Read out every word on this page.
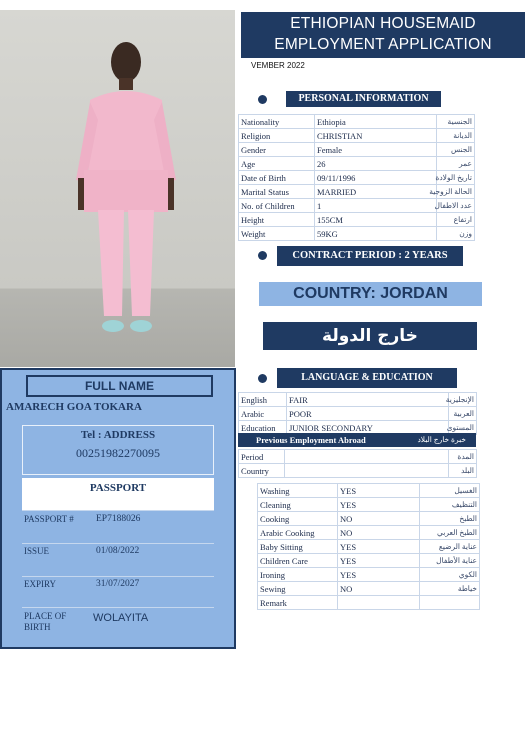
ETHIOPIAN HOUSEMAID
EMPLOYMENT APPLICATION
VEMBER 2022
PERSONAL INFORMATION
Nationality	Ethiopia	الجنسية
Religion	CHRISTIAN	الديانة
Gender	Female	الجنس
Age	26	عمر
Date of Birth	09/11/1996	تاريخ الولادة
Marital Status	MARRIED	الحالة الزوجية
No. of Children	1	عدد الاطفال
Height	155CM	ارتفاع
Weight	59KG	وزن
CONTRACT PERIOD : 2 YEARS
COUNTRY: JORDAN
خارج الدولة
LANGUAGE & EDUCATION
English	FAIR	الإنجليزية
Arabic	POOR	العربية
Education	JUNIOR SECONDARY	المستوى
Previous Employment Abroad	خبرة خارج البلاد
Period		المدة
Country		البلد
Washing	YES	الغسيل
Cleaning	YES	التنظيف
Cooking	NO	الطبخ
Arabic Cooking	NO	الطبخ العربي
Baby Sitting	YES	عناية الرضيع
Children Care	YES	عناية الأطفال
Ironing	YES	الكوي
Sewing	NO	خياطة
Remark		
FULL NAME
AMARECH GOA TOKARA
Tel : ADDRESS
00251982270095
PASSPORT
PASSPORT # EP7188026
ISSUE	01/08/2022
EXPIRY	31/07/2027
PLACE OF BIRTH
WOLAYITA
